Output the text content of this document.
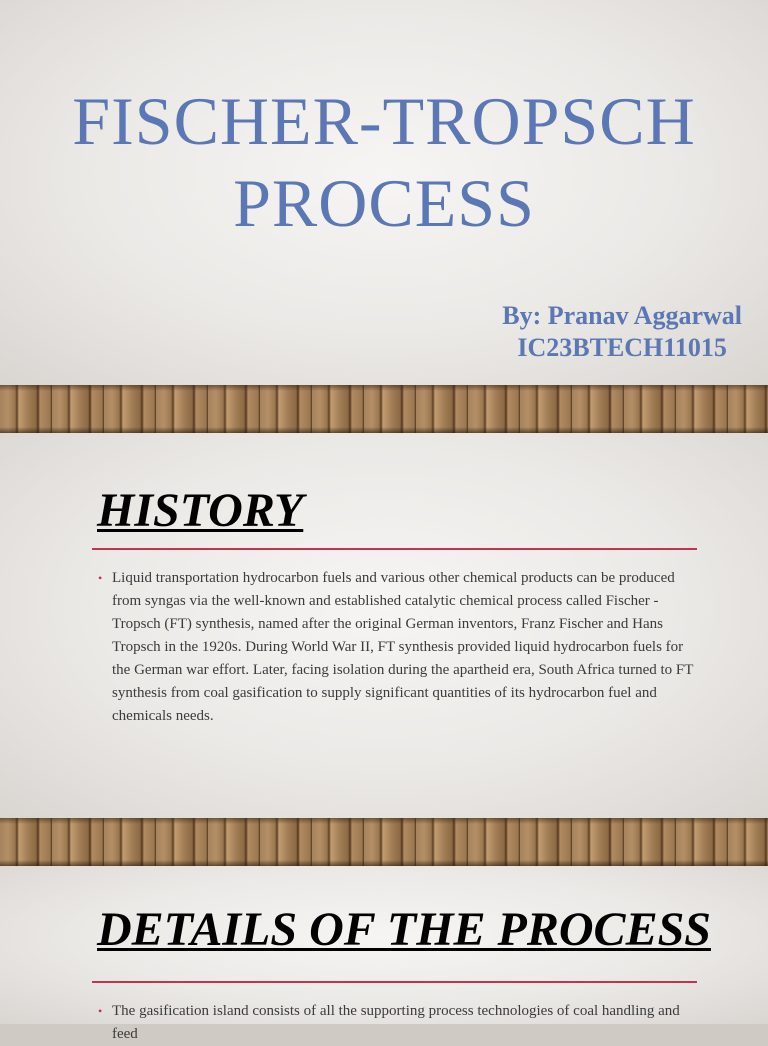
FISCHER-TROPSCH PROCESS
By: Pranav Aggarwal
IC23BTECH11015
HISTORY
• Liquid transportation hydrocarbon fuels and various other chemical products can be produced from syngas via the well-known and established catalytic chemical process called Fischer - Tropsch (FT) synthesis, named after the original German inventors, Franz Fischer and Hans Tropsch in the 1920s. During World War II, FT synthesis provided liquid hydrocarbon fuels for the German war effort. Later, facing isolation during the apartheid era, South Africa turned to FT synthesis from coal gasification to supply significant quantities of its hydrocarbon fuel and chemicals needs.
DETAILS OF THE PROCESS
• The gasification island consists of all the supporting process technologies of coal handling and feed
